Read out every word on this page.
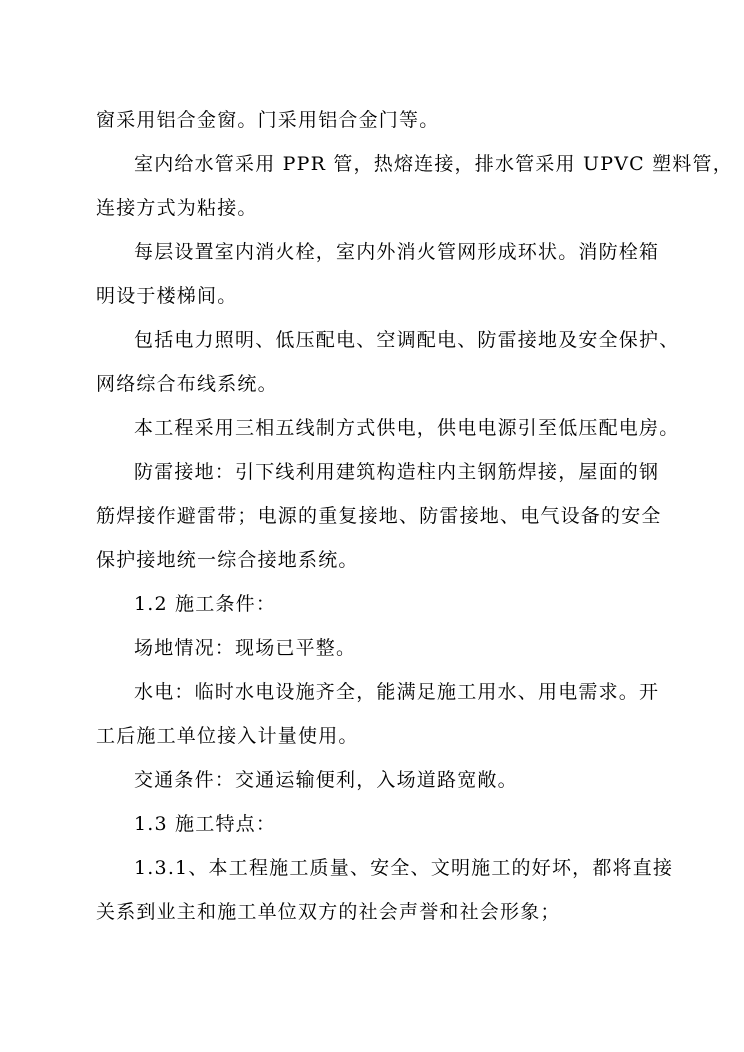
窗采用铝合金窗。门采用铝合金门等。
室内给水管采用 PPR 管，热熔连接，排水管采用 UPVC 塑料管，
连接方式为粘接。
每层设置室内消火栓，室内外消火管网形成环状。消防栓箱
明设于楼梯间。
包括电力照明、低压配电、空调配电、防雷接地及安全保护、
网络综合布线系统。
本工程采用三相五线制方式供电，供电电源引至低压配电房。
防雷接地：引下线利用建筑构造柱内主钢筋焊接，屋面的钢
筋焊接作避雷带；电源的重复接地、防雷接地、电气设备的安全
保护接地统一综合接地系统。
1.2 施工条件：
场地情况：现场已平整。
水电：临时水电设施齐全，能满足施工用水、用电需求。开
工后施工单位接入计量使用。
交通条件：交通运输便利，入场道路宽敞。
1.3 施工特点：
1.3.1、本工程施工质量、安全、文明施工的好坏，都将直接
关系到业主和施工单位双方的社会声誉和社会形象；
